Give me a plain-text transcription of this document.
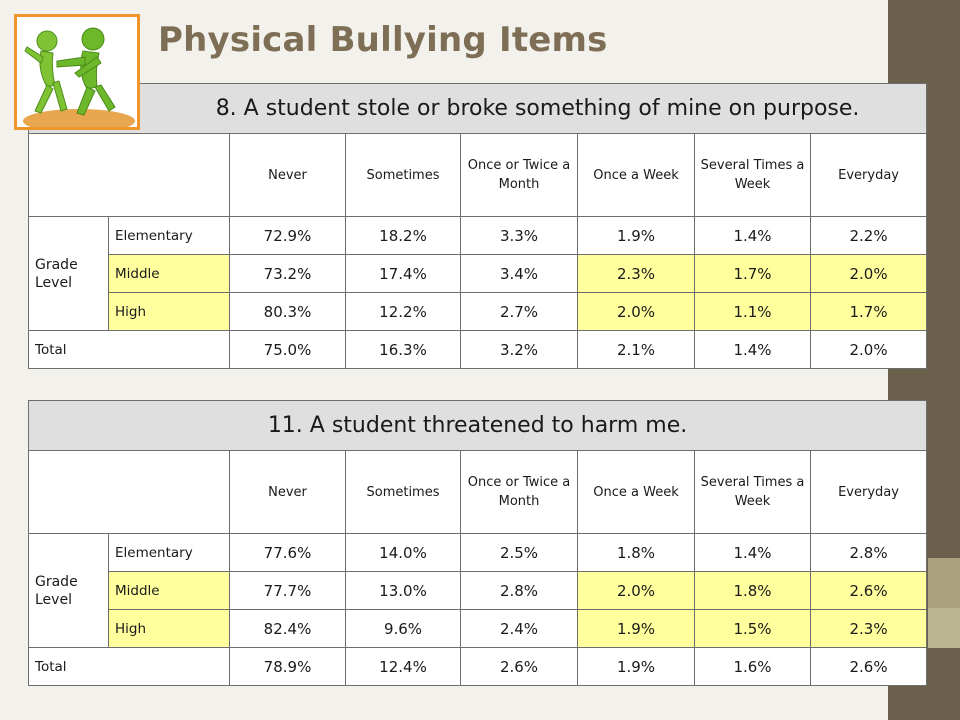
Physical Bullying Items
8. A student stole or broke something of mine on purpose.							
		Never	Sometimes	Once or Twice a Month	Once a Week	Several Times a Week	Everyday
Grade Level	Elementary	72.9%	18.2%	3.3%	1.9%	1.4%	2.2%
	Middle	73.2%	17.4%	3.4%	2.3%	1.7%	2.0%
	High	80.3%	12.2%	2.7%	2.0%	1.1%	1.7%
Total		75.0%	16.3%	3.2%	2.1%	1.4%	2.0%
11. A student threatened to harm me.							
		Never	Sometimes	Once or Twice a Month	Once a Week	Several Times a Week	Everyday
Grade Level	Elementary	77.6%	14.0%	2.5%	1.8%	1.4%	2.8%
	Middle	77.7%	13.0%	2.8%	2.0%	1.8%	2.6%
	High	82.4%	9.6%	2.4%	1.9%	1.5%	2.3%
Total		78.9%	12.4%	2.6%	1.9%	1.6%	2.6%
